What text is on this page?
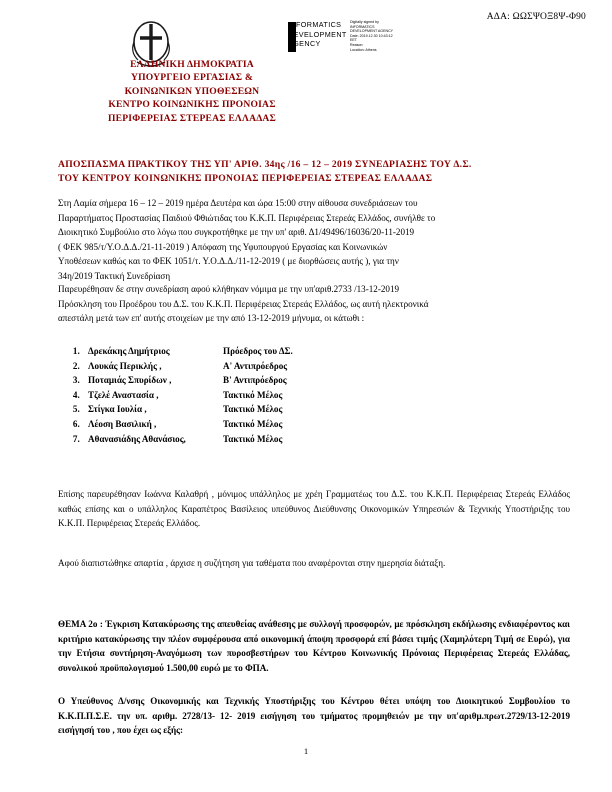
ΑΔΑ: ΩΩΣΨΟΞ8Ψ-Φ90
INFORMATICS
DEVELOPMENT
AGENCY
Digitally signed by
INFORMATICS
DEVELOPMENT AGENCY
Date: 2019.12.30 10:43:12
EET
Reason:
Location: Athens
ΕΛΛΗΝΙΚΗ ΔΗΜΟΚΡΑΤΙΑ
ΥΠΟΥΡΓΕΙΟ ΕΡΓΑΣΙΑΣ &
ΚΟΙΝΩΝΙΚΩΝ ΥΠΟΘΕΣΕΩΝ
ΚΕΝΤΡΟ ΚΟΙΝΩΝΙΚΗΣ ΠΡΟΝΟΙΑΣ
ΠΕΡΙΦΕΡΕΙΑΣ ΣΤΕΡΕΑΣ ΕΛΛΑΔΑΣ
ΑΠΟΣΠΑΣΜΑ ΠΡΑΚΤΙΚΟΥ ΤΗΣ ΥΠ' ΑΡΙΘ. 34ης /16 – 12 – 2019 ΣΥΝΕΔΡΙΑΣΗΣ ΤΟΥ Δ.Σ.
ΤΟΥ ΚΕΝΤΡΟΥ ΚΟΙΝΩΝΙΚΗΣ ΠΡΟΝΟΙΑΣ ΠΕΡΙΦΕΡΕΙΑΣ ΣΤΕΡΕΑΣ ΕΛΛΑΔΑΣ
Στη Λαμία σήμερα 16 – 12 – 2019 ημέρα Δευτέρα και ώρα 15:00 στην αίθουσα συνεδριάσεων του
Παραρτήματος Προστασίας Παιδιού Φθιώτιδας του Κ.Κ.Π. Περιφέρειας Στερεάς Ελλάδος, συνήλθε το
Διοικητικό Συμβούλιο στο λόγω που συγκροτήθηκε με την υπ' αριθ. Δ1/49496/16036/20-11-2019
( ΦΕΚ 985/τ/Υ.Ο.Δ.Δ./21-11-2019 ) Απόφαση της Υφυπουργού Εργασίας και Κοινωνικών
Υποθέσεων καθώς και το ΦΕΚ 1051/τ. Υ.Ο.Δ.Δ./11-12-2019 ( με διορθώσεις αυτής ), για την
34η/2019 Τακτική Συνεδρίαση
Παρευρέθησαν δε στην συνεδρίαση αφού κλήθηκαν νόμιμα με την υπ'αριθ.2733 /13-12-2019
Πρόσκληση του Προέδρου του Δ.Σ. του Κ.Κ.Π. Περιφέρειας Στερεάς Ελλάδος, ως αυτή ηλεκτρονικά
απεστάλη μετά των επ' αυτής στοιχείων με την από 13-12-2019 μήνυμα, οι κάτωθι :
1. Δρεκάκης Δημήτριος	Πρόεδρος του ΔΣ.
2. Λουκάς Περικλής ,	Α' Αντιπρόεδρος
3. Ποταμιάς Σπυρίδων ,	Β' Αντιπρόεδρος
4. Τζελέ Αναστασία ,	Τακτικό Μέλος
5. Στίγκα Ιουλία ,	Τακτικό Μέλος
6. Λέοση Βασιλική ,	Τακτικό Μέλος
7. Αθανασιάδης Αθανάσιος,	Τακτικό Μέλος
Επίσης παρευρέθησαν Ιωάννα Καλαθρή , μόνιμος υπάλληλος με χρέη Γραμματέως του Δ.Σ. του Κ.Κ.Π. Περιφέρειας Στερεάς Ελλάδος καθώς επίσης και ο υπάλληλος Καραπέτρος Βασίλειος υπεύθυνος Διεύθυνσης Οικονομικών Υπηρεσιών & Τεχνικής Υποστήριξης του Κ.Κ.Π. Περιφέρειας Στερεάς Ελλάδος.
Αφού διαπιστώθηκε απαρτία , άρχισε η συζήτηση για ταθέματα που αναφέρονται στην ημερησία διάταξη.
ΘΕΜΑ 2ο : Έγκριση Κατακύρωσης της απευθείας ανάθεσης με συλλογή προσφορών, με πρόσκληση εκδήλωσης ενδιαφέροντος και κριτήριο κατακύρωσης την πλέον συμφέρουσα από οικονομική άποψη προσφορά επί βάσει τιμής (Χαμηλότερη Τιμή σε Ευρώ), για την Ετήσια συντήρηση-Αναγόμωση των πυροσβεστήρων του Κέντρου Κοινωνικής Πρόνοιας Περιφέρειας Στερεάς Ελλάδας, συνολικού προϋπολογισμού 1.500,00 ευρώ με το ΦΠΑ.
Ο Υπεύθυνος Δ/νσης Οικονομικής και Τεχνικής Υποστήριξης του Κέντρου θέτει υπόψη του Διοικητικού Συμβουλίου το Κ.Κ.Π.Π.Σ.Ε. την υπ. αριθμ. 2728/13- 12- 2019 εισήγηση του τμήματος προμηθειών με την υπ'αριθμ.πρωτ.2729/13-12-2019 εισήγησή του , που έχει ως εξής:
1
